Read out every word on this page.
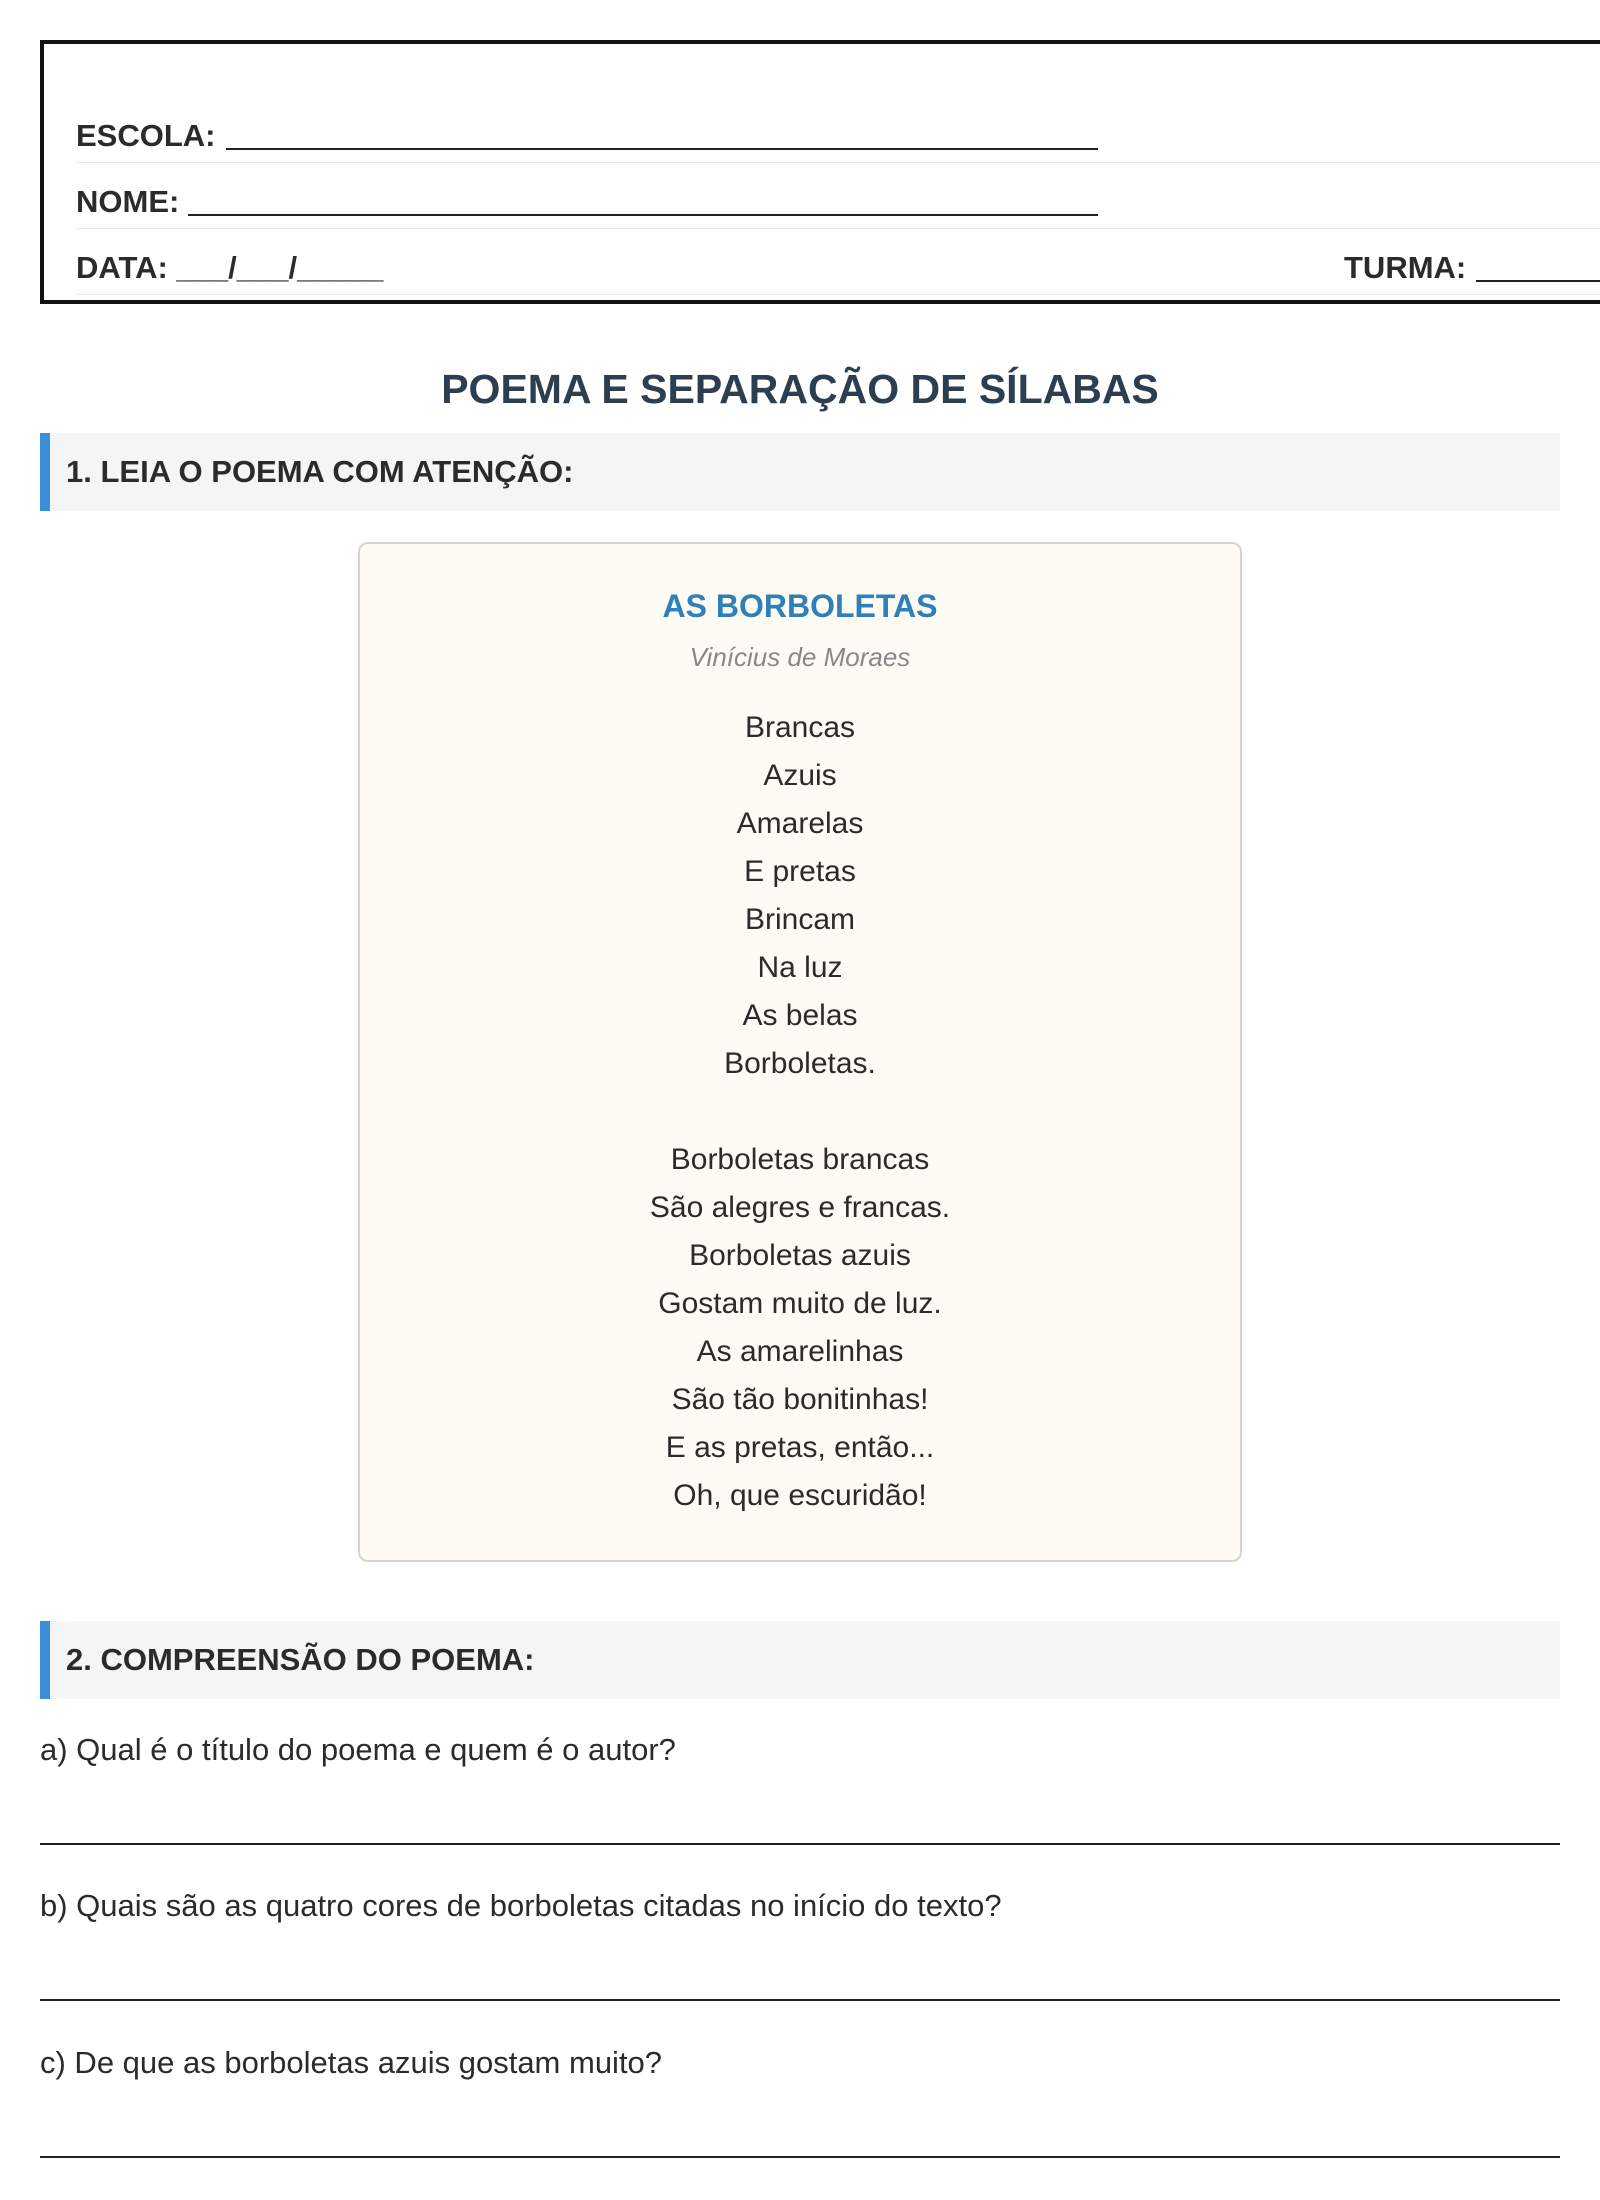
ESCOLA:
NOME:
DATA: ___/___/_____	TURMA:
POEMA E SEPARAÇÃO DE SÍLABAS
1. LEIA O POEMA COM ATENÇÃO:
AS BORBOLETAS
Vinícius de Moraes
Brancas
Azuis
Amarelas
E pretas
Brincam
Na luz
As belas
Borboletas.
Borboletas brancas
São alegres e francas.
Borboletas azuis
Gostam muito de luz.
As amarelinhas
São tão bonitinhas!
E as pretas, então...
Oh, que escuridão!
2. COMPREENSÃO DO POEMA:
a) Qual é o título do poema e quem é o autor?
b) Quais são as quatro cores de borboletas citadas no início do texto?
c) De que as borboletas azuis gostam muito?
